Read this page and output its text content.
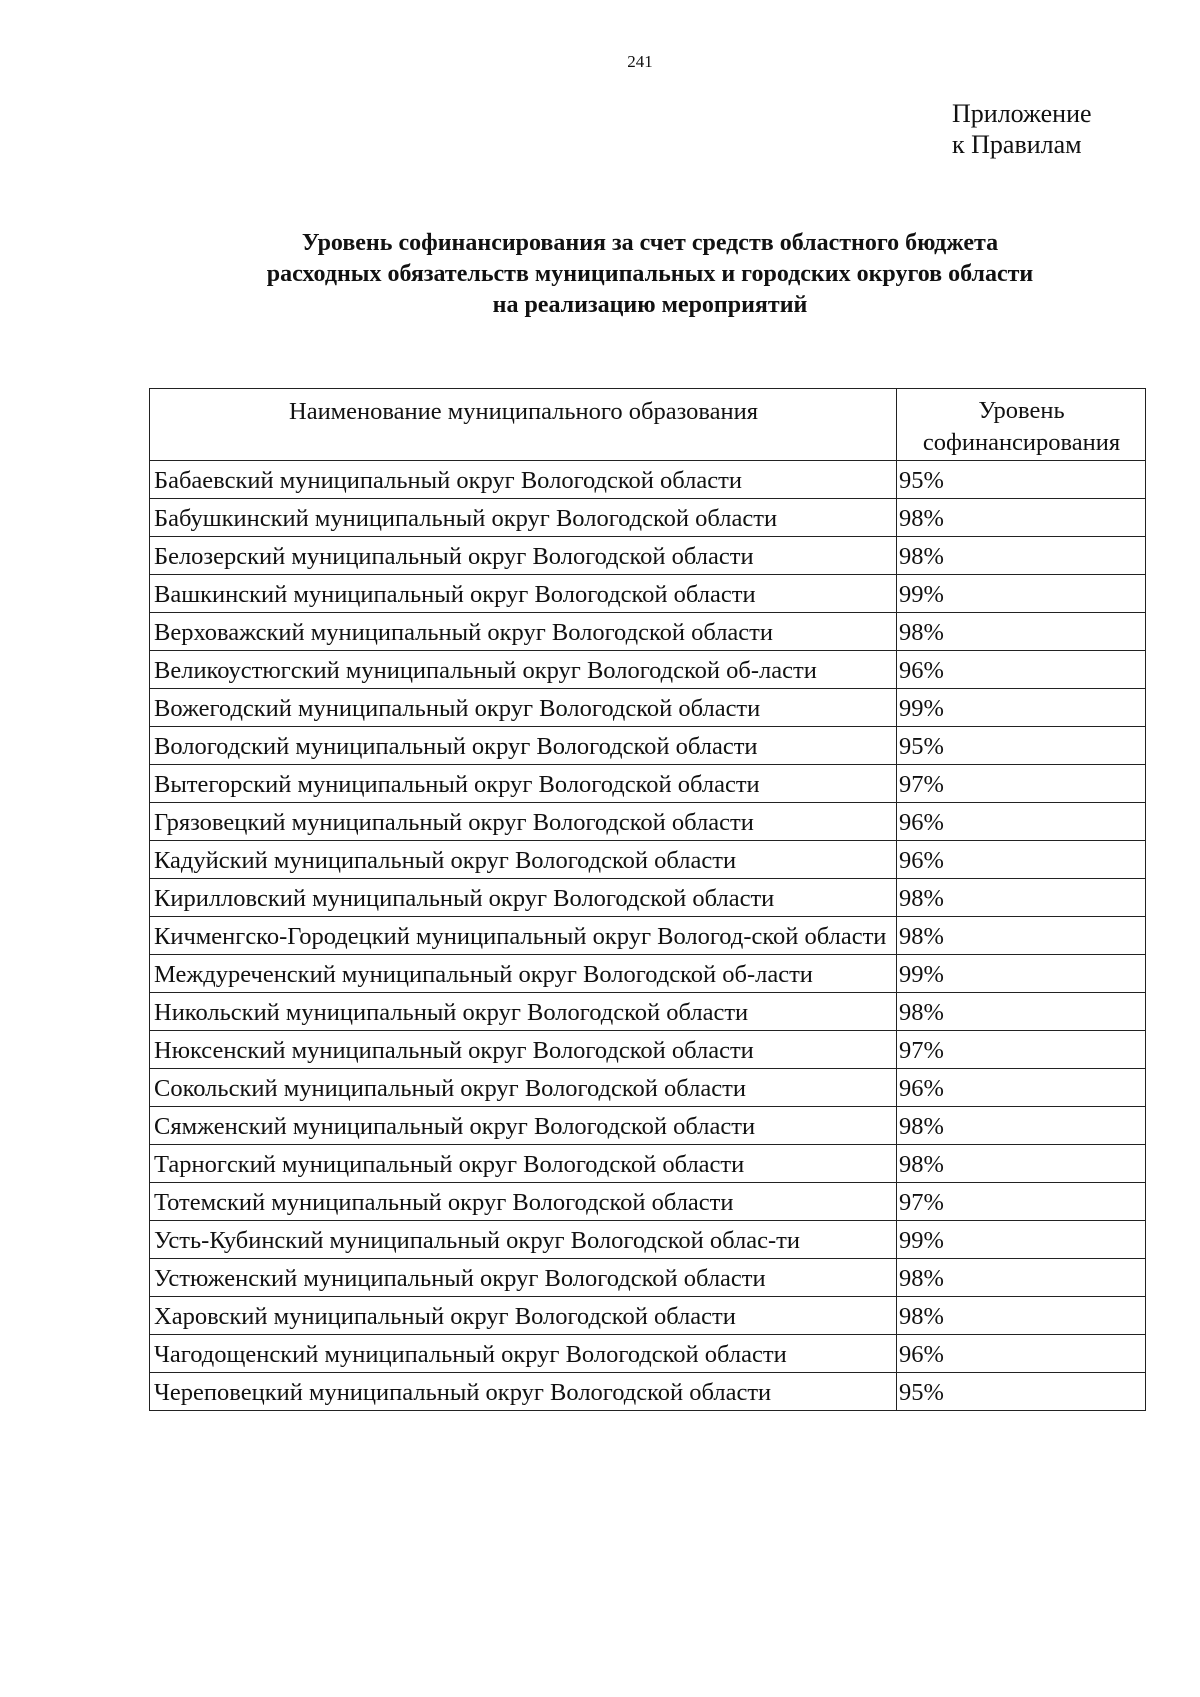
241
Приложение
к Правилам
Уровень софинансирования за счет средств областного бюджета
расходных обязательств муниципальных и городских округов области
на реализацию мероприятий
Наименование муниципального образования	Уровень
софинансирования

Бабаевский муниципальный округ Вологодской области	95%
Бабушкинский муниципальный округ Вологодской области	98%
Белозерский муниципальный округ Вологодской области	98%
Вашкинский муниципальный округ Вологодской области	99%
Верховажский муниципальный округ Вологодской области	98%
Великоустюгский муниципальный округ Вологодской об-ласти	96%
Вожегодский муниципальный округ Вологодской области	99%
Вологодский муниципальный округ Вологодской области	95%
Вытегорский муниципальный округ Вологодской области	97%
Грязовецкий муниципальный округ Вологодской области	96%
Кадуйский муниципальный округ Вологодской области	96%
Кирилловский муниципальный округ Вологодской области	98%
Кичменгско-Городецкий муниципальный округ Вологод-ской области	98%
Междуреченский муниципальный округ Вологодской об-ласти	99%
Никольский муниципальный округ Вологодской области	98%
Нюксенский муниципальный округ Вологодской области	97%
Сокольский муниципальный округ Вологодской области	96%
Сямженский муниципальный округ Вологодской области	98%
Тарногский муниципальный округ Вологодской области	98%
Тотемский муниципальный округ Вологодской области	97%
Усть-Кубинский муниципальный округ Вологодской облас-ти	99%
Устюженский муниципальный округ Вологодской области	98%
Харовский муниципальный округ Вологодской области	98%
Чагодощенский муниципальный округ Вологодской области	96%
Череповецкий муниципальный округ Вологодской области	95%
